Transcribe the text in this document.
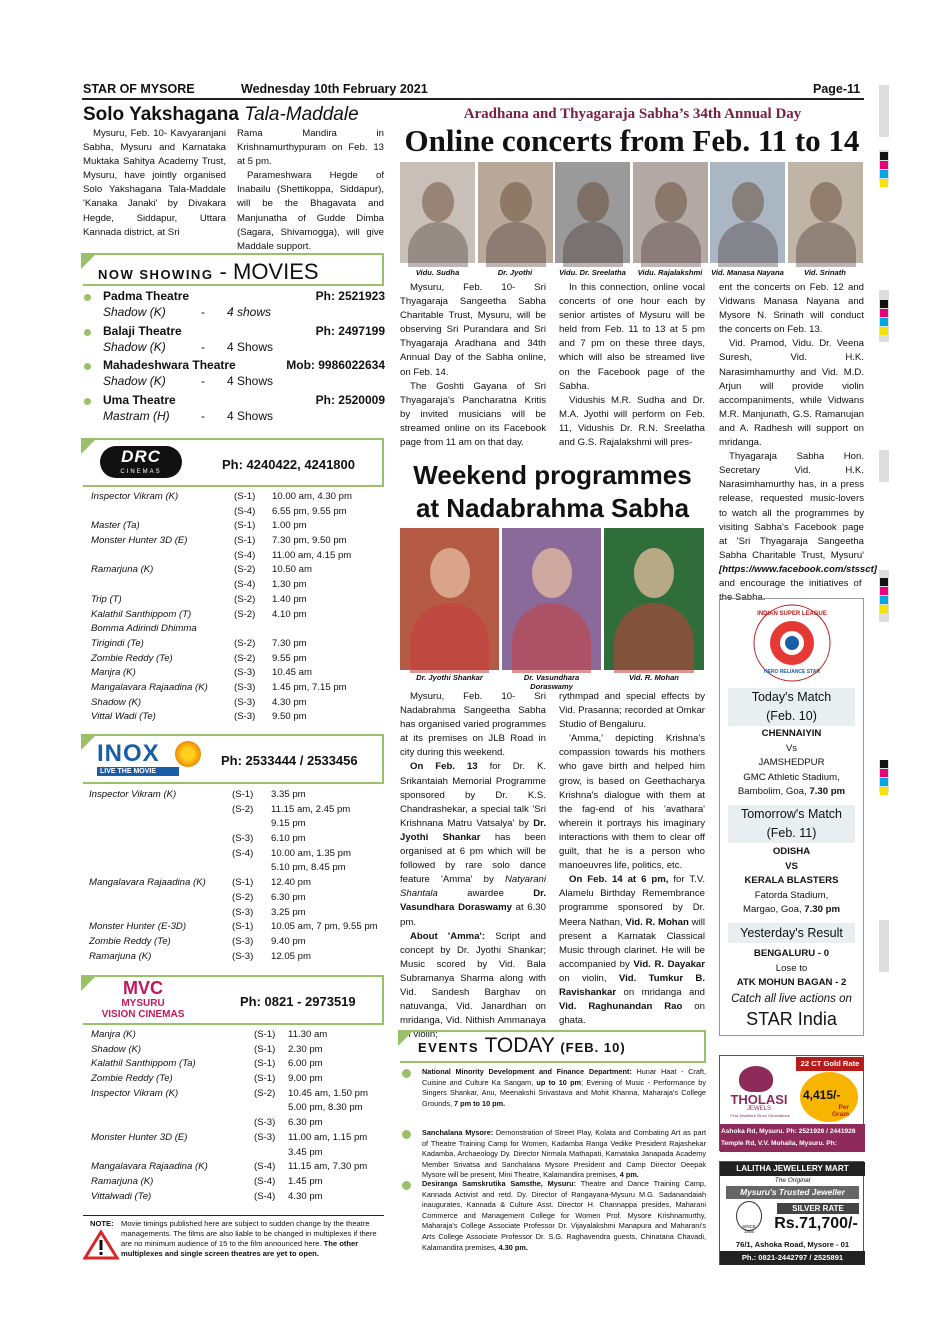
STAR OF MYSORE	Wednesday 10th February 2021	Page-11
Solo Yakshagana Tala-Maddale

Mysuru, Feb. 10- Kavyaranjani Sabha, Mysuru and Karnataka Muktaka Sahitya Academy Trust, Mysuru, have jointly organised Solo Yakshagana Tala-Maddale 'Kanaka Janaki' by Divakara Hegde, Siddapur, Uttara Kannada district, at Sri

Rama Mandira in Krishnamurthypuram on Feb. 13 at 5 pm.

Parameshwara Hegde of Inabailu (Shettikoppa, Siddapur), will be the Bhagavata and Manjunatha of Gudde Dimba (Sagara, Shivamogga), will give Maddale support.

NOW SHOWING - MOVIES
Padma Theatre	Ph: 2521923
Shadow (K)	- 4 shows
Balaji Theatre	Ph: 2497199
Shadow (K)	- 4 Shows
Mahadeshwara Theatre	Mob: 9986022634
Shadow (K)	- 4 Shows
Uma Theatre	Ph: 2520009
Mastram (H)	- 4 Shows
DRC
CINEMAS	Ph: 4240422, 4241800
Inspector Vikram (K)	(S-1) 10.00 am, 4.30 pm
(S-4) 6.55 pm, 9.55 pm
Master (Ta)	(S-1) 1.00 pm
Monster Hunter 3D (E)	(S-1) 7.30 pm, 9.50 pm
(S-4) 11.00 am, 4.15 pm
Ramarjuna (K)	(S-2) 10.50 am
(S-4) 1.30 pm
Trip (T)	(S-2) 1.40 pm
Kalathil Santhippom (T)	(S-2) 4.10 pm
Bomma Adirindi Dhimma
Tirigindi (Te)	(S-2) 7.30 pm
Zombie Reddy (Te)	(S-2) 9.55 pm
Manjra (K)	(S-3) 10.45 am
Mangalavara Rajaadina (K)	(S-3) 1.45 pm, 7.15 pm
Shadow (K)	(S-3) 4.30 pm
Vittal Wadi (Te)	(S-3) 9.50 pm
INOX
LIVE THE MOVIE
Ph: 2533444 / 2533456
Inspector Vikram (K)	(S-1) 3.35 pm
(S-2) 11.15 am, 2.45 pm
9.15 pm
(S-3) 6.10 pm
(S-4) 10.00 am, 1.35 pm
5.10 pm, 8.45 pm
Mangalavara Rajaadina (K)	(S-1) 12.40 pm
(S-2) 6.30 pm
(S-3) 3.25 pm
Monster Hunter (E-3D)	(S-1) 10.05 am, 7 pm, 9.55 pm
Zombie Reddy (Te)	(S-3) 9.40 pm
Ramarjuna (K)	(S-3) 12.05 pm
MVC
MYSURU
VISION CINEMAS
Ph: 0821 - 2973519
Manjra (K)	(S-1) 11.30 am
Shadow (K)	(S-1) 2.30 pm
Kalathil Santhippom (Ta)	(S-1) 6.00 pm
Zombie Reddy (Te)	(S-1) 9.00 pm
Inspector Vikram (K)	(S-2) 10.45 am, 1.50 pm
5.00 pm, 8.30 pm
(S-3) 6.30 pm
Monster Hunter 3D (E)	(S-3) 11.00 am, 1.15 pm
3.45 pm
Mangalavara Rajaadina (K)	(S-4) 11.15 am, 7.30 pm
Ramarjuna (K)	(S-4) 1.45 pm
Vittalwadi (Te)	(S-4) 4.30 pm
NOTE: Movie timings published here are subject to sudden change by the theatre managements. The films are also liable to be changed in multiplexes if there are no minimum audience of 15 to the film announced here. The other multiplexes and single screen theatres are yet to open.
Aradhana and Thyagaraja Sabha’s 34th Annual Day
Online concerts from Feb. 11 to 14
Vidu. Sudha	Dr. Jyothi	Vidu. Dr. Sreelatha	Vidu. Rajalakshmi	Vid. Manasa Nayana	Vid. Srinath

Mysuru, Feb. 10- Sri Thyagaraja Sangeetha Sabha Charitable Trust, Mysuru, will be observing Sri Purandara and Sri Thyagaraja Aradhana and 34th Annual Day of the Sabha online, on Feb. 14.

The Goshti Gayana of Sri Thyagaraja's Pancharatna Kritis by invited musicians will be streamed online on its Facebook page from 11 am on that day.

In this connection, online vocal concerts of one hour each by senior artistes of Mysuru will be held from Feb. 11 to 13 at 5 pm and 7 pm on these three days, which will also be streamed live on the Facebook page of the Sabha.

Vidushis M.R. Sudha and Dr. M.A. Jyothi will perform on Feb. 11, Vidushis Dr. R.N. Sreelatha and G.S. Rajalakshmi will pres-

ent the concerts on Feb. 12 and Vidwans Manasa Nayana and Mysore N. Srinath will conduct the concerts on Feb. 13.

Vid. Pramod, Vidu. Dr. Veena Suresh, Vid. H.K. Narasimhamurthy and Vid. M.D. Arjun will provide violin accompaniments, while Vidwans M.R. Manjunath, G.S. Ramanujan and A. Radhesh will support on mridanga.

Thyagaraja Sabha Hon. Secretary Vid. H.K. Narasimhamurthy has, in a press release, requested music-lovers to watch all the programmes by visiting Sabha's Facebook page at 'Sri Thyagaraja Sangeetha Sabha Charitable Trust, Mysuru' [https://www.facebook.com/stssct] and encourage the initiatives of the Sabha.

Weekend programmes
at Nadabrahma Sabha
Dr. Jyothi Shankar	Dr. Vasundhara Doraswamy
Vid. R. Mohan

Mysuru, Feb. 10- Sri Nadabrahma Sangeetha Sabha has organised varied programmes at its premises on JLB Road in city during this weekend.

On Feb. 13 for Dr. K. Srikantaiah Memorial Programme sponsored by Dr. K.S. Chandrashekar, a special talk 'Sri Krishnana Matru Vatsalya' by Dr. Jyothi Shankar has been organised at 6 pm which will be followed by rare solo dance feature 'Amma' by Natyarani Shantala awardee Dr. Vasundhara Doraswamy at 6.30 pm.

About 'Amma': Script and concept by Dr. Jyothi Shankar; Music scored by Vid. Bala Subramanya Sharma along with Vid. Sandesh Barghav on natuvanga, Vid. Janardhan on mridanga, Vid. Nithish Ammanaya on violin;

rythmpad and special effects by Vid. Prasanna; recorded at Omkar Studio of Bengaluru.

'Amma,' depicting Krishna's compassion towards his mothers who gave birth and helped him grow, is based on Geethacharya Krishna's dialogue with them at the fag-end of his 'avathara' wherein it portrays his imaginary interactions with them to clear off guilt, that he is a person who manoeuvres life, politics, etc.

On Feb. 14 at 6 pm, for T.V. Alamelu Birthday Remembrance programme sponsored by Dr. Meera Nathan, Vid. R. Mohan will present a Karnatak Classical Music through clarinet. He will be accompanied by Vid. R. Dayakar on violin, Vid. Tumkur B. Ravishankar on mridanga and Vid. Raghunandan Rao on ghata.

INDIAN SUPER LEAGUE
HERO RELIANCE STAR
Today's Match
(Feb. 10)
CHENNAIYIN
Vs
JAMSHEDPUR
GMC Athletic Stadium,
Bambolim, Goa, 7.30 pm
Tomorrow's Match
(Feb. 11)
ODISHA
VS
KERALA BLASTERS
Fatorda Stadium,
Margao, Goa, 7.30 pm
Yesterday's Result
BENGALURU - 0
Lose to
ATK MOHUN BAGAN - 2
Catch all live actions on
STAR India
EVENTS TODAY (FEB. 10)
National Minority Development and Finance Department: Hunar Haat - Craft, Cuisine and Culture Ka Sangam, up to 10 pm; Evening of Music - Performance by Singers Shankar, Anu, Meenakshi Srivastava and Mohit Khanna, Maharaja's College Grounds, 7 pm to 10 pm.
Sanchalana Mysore: Demonstration of Street Play, Kolata and Combating Art as part of Theatre Training Camp for Women, Kadamba Ranga Vedike President Rajashekar Kadamba, Archaeology Dy. Director Nirmala Mathapati, Karnataka Janapada Academy Member Srivatsa and Sanchalana Mysore President and Camp Director Deepak Mysore will be present, Mini Theatre, Kalamandira premises, 4 pm.
Desiranga Samskrutika Samsthe, Mysuru: Theatre and Dance Training Camp, Kannada Activist and retd. Dy. Director of Rangayana-Mysuru M.G. Sadanandaiah inaugurates, Kannada & Culture Asst. Director H. Channappa presides, Maharani Commerce and Management College for Women Prof. Mysore Krishnamurthy, Maharaja's College Associate Professor Dr. Vijayalakshmi Manapura and Maharani's Arts College Associate Professor Dr. S.G. Raghavendra guests, Chinatana Chavadi, Kalamandira premises, 4.30 pm.
22 CT Gold Rate
THOLASI
JEWELS
First Jewellers Since Generations
4,415/-
Per
Gram
Ashoka Rd, Mysuru. Ph: 2521926 / 2441926
Temple Rd, V.V. Mohalla, Mysuru. Ph: 2441926
LALITHA JEWELLERY MART
The Original
Mysuru's Trusted Jeweller
SINCE 1956
SILVER RATE
Rs.71,700/-
76/1, Ashoka Road, Mysore - 01
Ph.: 0821-2442797 / 2525891
